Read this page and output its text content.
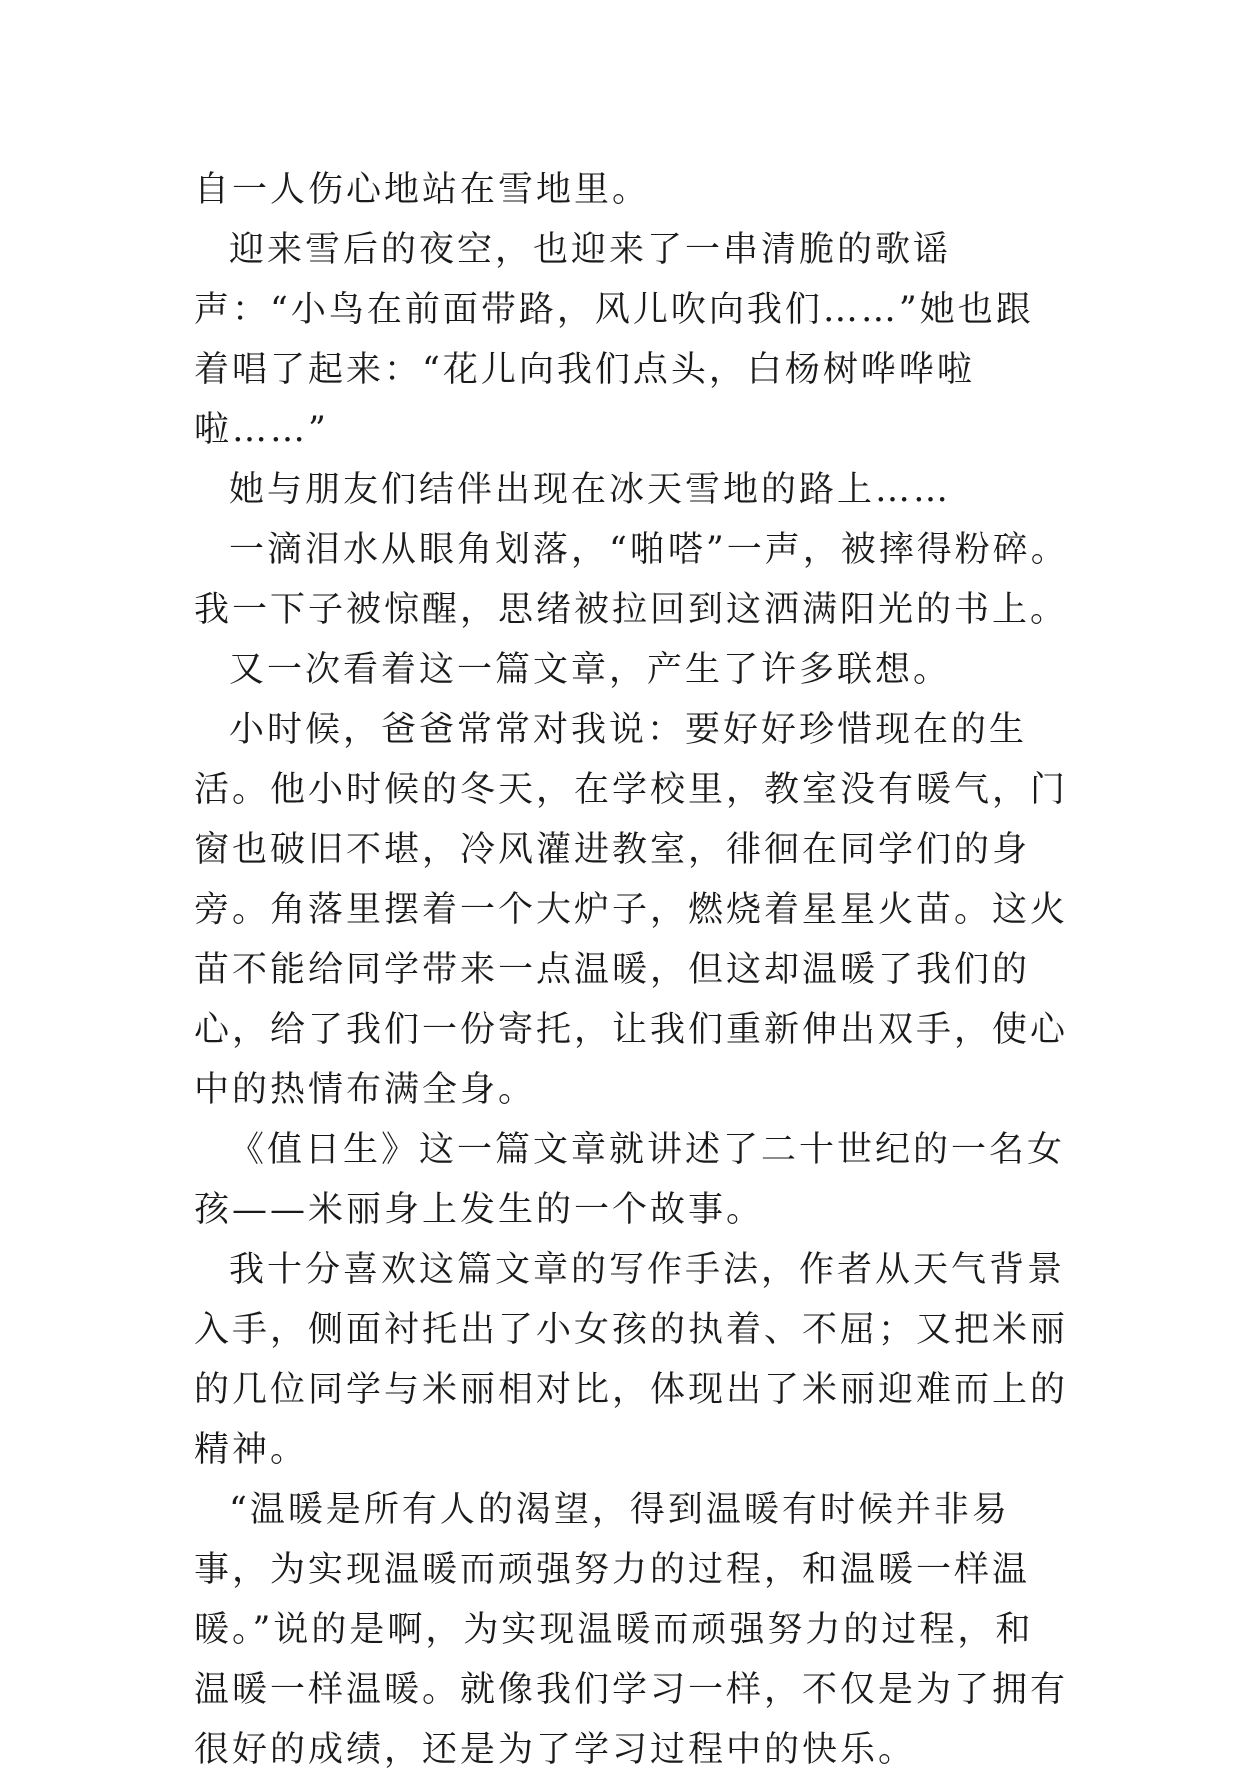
自一人伤心地站在雪地里。

迎来雪后的夜空，也迎来了一串清脆的歌谣声：“小鸟在前面带路，风儿吹向我们……”她也跟着唱了起来：“花儿向我们点头，白杨树哗哗啦啦……”

她与朋友们结伴出现在冰天雪地的路上……

一滴泪水从眼角划落，“啪嗒”一声，被摔得粉碎。我一下子被惊醒，思绪被拉回到这洒满阳光的书上。

又一次看着这一篇文章，产生了许多联想。

小时候，爸爸常常对我说：要好好珍惜现在的生活。他小时候的冬天，在学校里，教室没有暖气，门窗也破旧不堪，冷风灌进教室，徘徊在同学们的身旁。角落里摆着一个大炉子，燃烧着星星火苗。这火苗不能给同学带来一点温暖，但这却温暖了我们的心，给了我们一份寄托，让我们重新伸出双手，使心中的热情布满全身。

《值日生》这一篇文章就讲述了二十世纪的一名女孩——米丽身上发生的一个故事。

我十分喜欢这篇文章的写作手法，作者从天气背景入手，侧面衬托出了小女孩的执着、不屈；又把米丽的几位同学与米丽相对比，体现出了米丽迎难而上的精神。

“温暖是所有人的渴望，得到温暖有时候并非易事，为实现温暖而顽强努力的过程，和温暖一样温暖。”说的是啊，为实现温暖而顽强努力的过程，和温暖一样温暖。就像我们学习一样，不仅是为了拥有很好的成绩，还是为了学习过程中的快乐。
